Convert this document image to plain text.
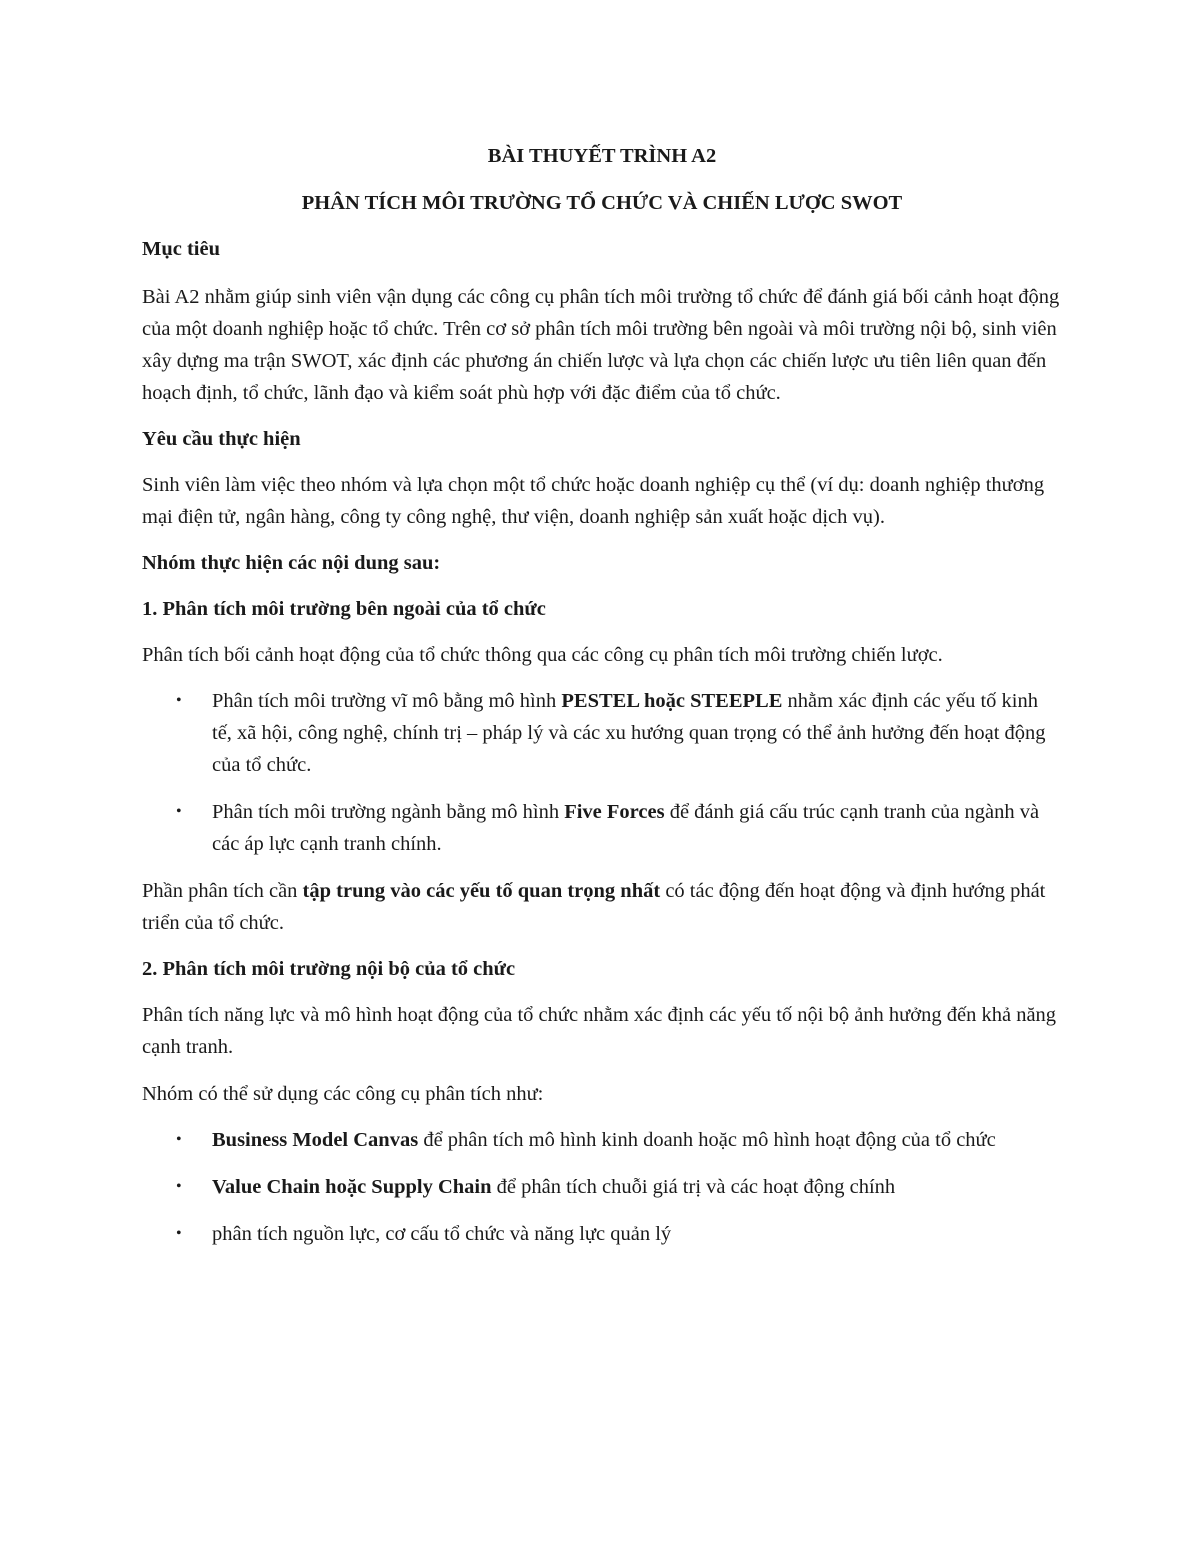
BÀI THUYẾT TRÌNH A2

PHÂN TÍCH MÔI TRƯỜNG TỔ CHỨC VÀ CHIẾN LƯỢC SWOT

Mục tiêu

Bài A2 nhằm giúp sinh viên vận dụng các công cụ phân tích môi trường tổ chức để đánh giá bối cảnh hoạt động của một doanh nghiệp hoặc tổ chức. Trên cơ sở phân tích môi trường bên ngoài và môi trường nội bộ, sinh viên xây dựng ma trận SWOT, xác định các phương án chiến lược và lựa chọn các chiến lược ưu tiên liên quan đến hoạch định, tổ chức, lãnh đạo và kiểm soát phù hợp với đặc điểm của tổ chức.

Yêu cầu thực hiện

Sinh viên làm việc theo nhóm và lựa chọn một tổ chức hoặc doanh nghiệp cụ thể (ví dụ: doanh nghiệp thương mại điện tử, ngân hàng, công ty công nghệ, thư viện, doanh nghiệp sản xuất hoặc dịch vụ).

Nhóm thực hiện các nội dung sau:

1. Phân tích môi trường bên ngoài của tổ chức

Phân tích bối cảnh hoạt động của tổ chức thông qua các công cụ phân tích môi trường chiến lược.

• Phân tích môi trường vĩ mô bằng mô hình PESTEL hoặc STEEPLE nhằm xác định các yếu tố kinh tế, xã hội, công nghệ, chính trị – pháp lý và các xu hướng quan trọng có thể ảnh hưởng đến hoạt động của tổ chức.
• Phân tích môi trường ngành bằng mô hình Five Forces để đánh giá cấu trúc cạnh tranh của ngành và các áp lực cạnh tranh chính.

Phần phân tích cần tập trung vào các yếu tố quan trọng nhất có tác động đến hoạt động và định hướng phát triển của tổ chức.

2. Phân tích môi trường nội bộ của tổ chức

Phân tích năng lực và mô hình hoạt động của tổ chức nhằm xác định các yếu tố nội bộ ảnh hưởng đến khả năng cạnh tranh.

Nhóm có thể sử dụng các công cụ phân tích như:

• Business Model Canvas để phân tích mô hình kinh doanh hoặc mô hình hoạt động của tổ chức
• Value Chain hoặc Supply Chain để phân tích chuỗi giá trị và các hoạt động chính
• phân tích nguồn lực, cơ cấu tổ chức và năng lực quản lý
